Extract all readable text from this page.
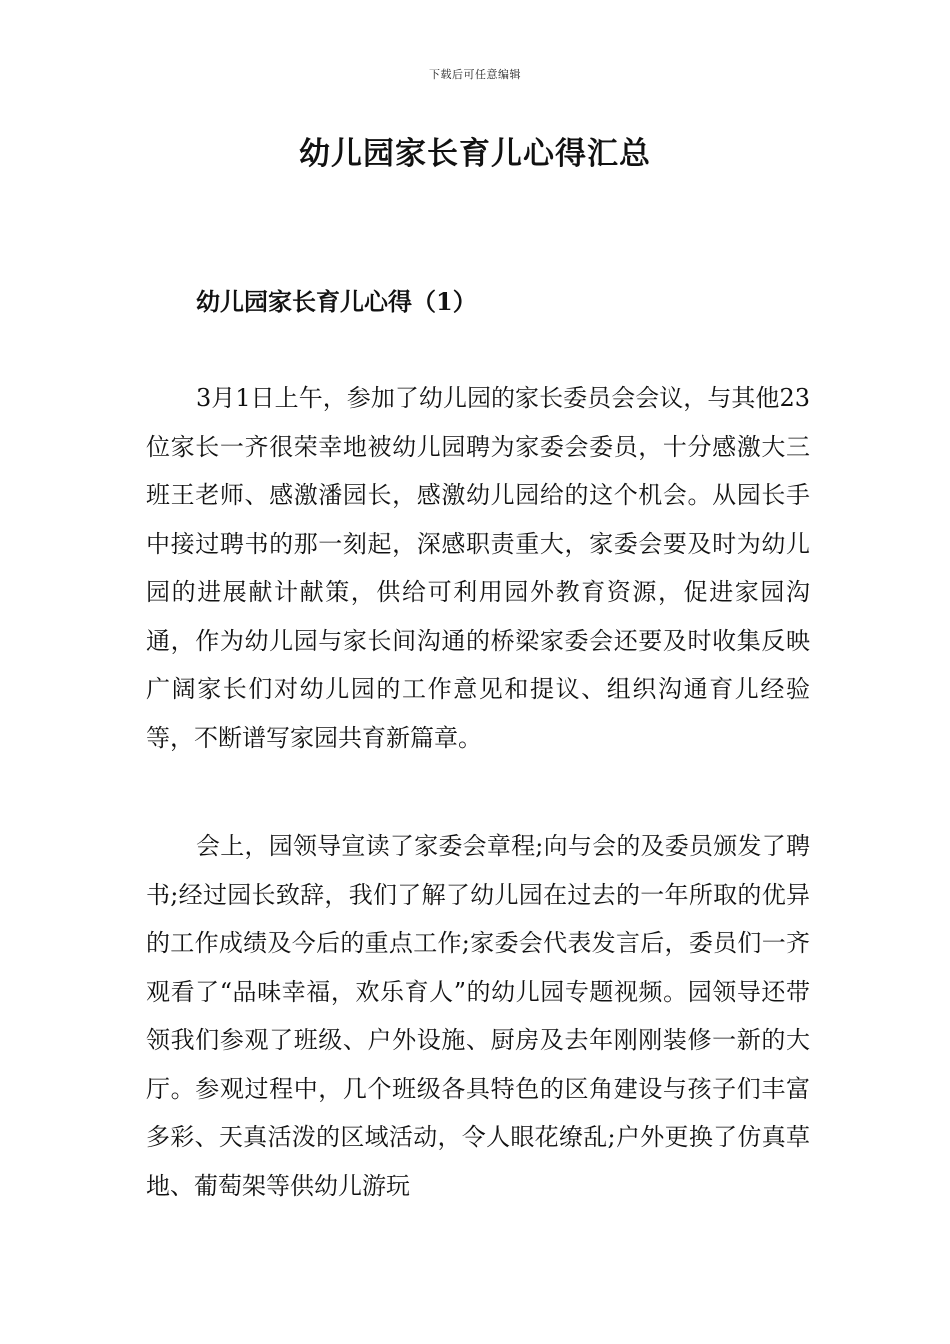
下载后可任意编辑
幼儿园家长育儿心得汇总
幼儿园家长育儿心得（1）

3月1日上午，参加了幼儿园的家长委员会会议，与其他23位家长一齐很荣幸地被幼儿园聘为家委会委员，十分感激大三班王老师、感激潘园长，感激幼儿园给的这个机会。从园长手中接过聘书的那一刻起，深感职责重大，家委会要及时为幼儿园的进展献计献策，供给可利用园外教育资源，促进家园沟通，作为幼儿园与家长间沟通的桥梁家委会还要及时收集反映广阔家长们对幼儿园的工作意见和提议、组织沟通育儿经验等，不断谱写家园共育新篇章。

会上，园领导宣读了家委会章程;向与会的及委员颁发了聘书;经过园长致辞，我们了解了幼儿园在过去的一年所取的优异的工作成绩及今后的重点工作;家委会代表发言后，委员们一齐观看了“品味幸福，欢乐育人”的幼儿园专题视频。园领导还带领我们参观了班级、户外设施、厨房及去年刚刚装修一新的大厅。参观过程中，几个班级各具特色的区角建设与孩子们丰富多彩、天真活泼的区域活动，令人眼花缭乱;户外更换了仿真草地、葡萄架等供幼儿游玩
